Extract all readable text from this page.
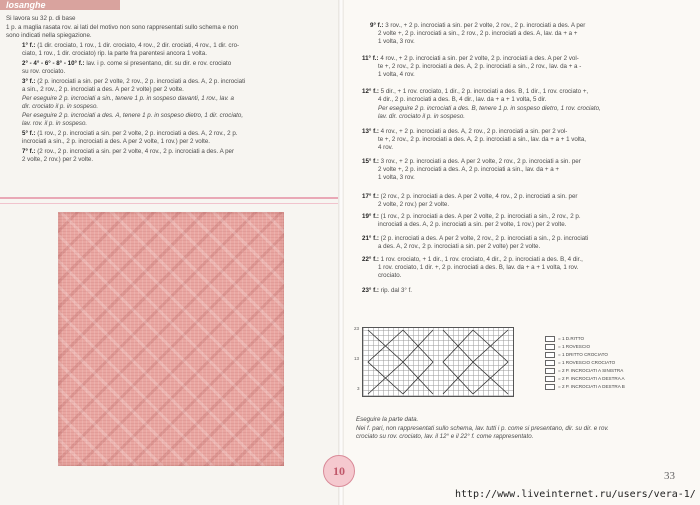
losanghe
Si lavora su 32 p. di base
1 p. a maglia rasata rov. ai lati del motivo non sono rappresentati sullo schema e non
sono indicati nella spiegazione.
1° f.: (1 dir. crociato, 1 rov., 1 dir. crociato, 4 rov., 2 dir. crociati, 4 rov., 1 dir. cro-
ciato, 1 rov., 1 dir. crociato) rip. la parte fra parentesi ancora 1 volta.
2° - 4° - 6° - 8° - 10° f.: lav. i p. come si presentano, dir. su dir. e rov. crociato
su rov. crociato.
3° f.: (2 p. incrociati a sin. per 2 volte, 2 rov., 2 p. incrociati a des. A, 2 p. incrociati
a sin., 2 rov., 2 p. incrociati a des. A per 2 volte) per 2 volte.
Per eseguire 2 p. incrociati a sin., tenere 1 p. in sospeso davanti, 1 rov., lav. a
dir. crociato il p. in sospeso.
Per eseguire 2 p. incrociati a des. A, tenere 1 p. in sospeso dietro, 1 dir. crociato,
lav. rov. il p. in sospeso.
5° f.: (1 rov., 2 p. incrociati a sin. per 2 volte, 2 p. incrociati a des. A, 2 rov., 2 p.
incrociati a sin., 2 p. incrociati a des. A per 2 volte, 1 rov.) per 2 volte.
7° f.: (2 rov., 2 p. incrociati a sin. per 2 volte, 4 rov., 2 p. incrociati a des. A per
2 volte, 2 rov.) per 2 volte.
10
9° f.: 3 rov., + 2 p. incrociati a sin. per 2 volte, 2 rov., 2 p. incrociati a des. A per
2 volte +, 2 p. incrociati a sin., 2 rov., 2 p. incrociati a des. A, lav. da + a +
1 volta, 3 rov.
11° f.: 4 rov., + 2 p. incrociati a sin. per 2 volte, 2 p. incrociati a des. A per 2 vol-
te +, 2 rov., 2 p. incrociati a des. A, 2 p. incrociati a sin., 2 rov., lav. da + a -
1 volta, 4 rov.
12° f.: 5 dir., + 1 rov. crociato, 1 dir., 2 p. incrociati a des. B, 1 dir., 1 rov. crociato +,
4 dir., 2 p. incrociati a des. B, 4 dir., lav. da + a + 1 volta, 5 dir.
Per eseguire 2 p. incrociati a des. B, tenere 1 p. in sospeso dietro, 1 rov. crociato,
lav. dir. crociato il p. in sospeso.
13° f.: 4 rov., + 2 p. incrociati a des. A, 2 rov., 2 p. incrociati a sin. per 2 vol-
te +, 2 rov., 2 p. incrociati a des. A, 2 p. incrociati a sin., lav. da + a + 1 volta,
4 rov.
15° f.: 3 rov., + 2 p. incrociati a des. A per 2 volte, 2 rov., 2 p. incrociati a sin. per
2 volte +, 2 p. incrociati a des. A, 2 p. incrociati a sin., lav. da + a +
1 volta, 3 rov.
17° f.: (2 rov., 2 p. incrociati a des. A per 2 volte, 4 rov., 2 p. incrociati a sin. per
2 volte, 2 rov.) per 2 volte.
19° f.: (1 rov., 2 p. incrociati a des. A per 2 volte, 2 p. incrociati a sin., 2 rov., 2 p.
incrociati a des. A, 2 p. incrociati a sin. per 2 volte, 1 rov.) per 2 volte.
21° f.: (2 p. incrociati a des. A per 2 volte, 2 rov., 2 p. incrociati a sin., 2 p. incrociati
a des. A, 2 rov., 2 p. incrociati a sin. per 2 volte) per 2 volte.
22° f.: 1 rov. crociato, + 1 dir., 1 rov. crociato, 4 dir., 2 p. incrociati a des. B, 4 dir.,
1 rov. crociato, 1 dir. +, 2 p. incrociati a des. B, lav. da + a + 1 volta, 1 rov.
crociato.
23° f.: rip. dal 3° f.
23
13
3
= 1 D.RITTO
= 1 ROVESCIO
= 1 DRITTO CROCIATO
= 1 ROVESCIO CROCIATO
= 2 P. INCROCIATI A SINISTRA
= 2 P. INCROCIATI A DESTRA A
= 2 P. INCROCIATI A DESTRA B
Eseguire la parte data.
Nei f. pari, non rappresentati sullo schema, lav. tutti i p. come si presentano, dir. su dir. e rov.
crociato su rov. crociato, lav. il 12° e il 22° f. come rappresentato.
33
http://www.liveinternet.ru/users/vera-1/
